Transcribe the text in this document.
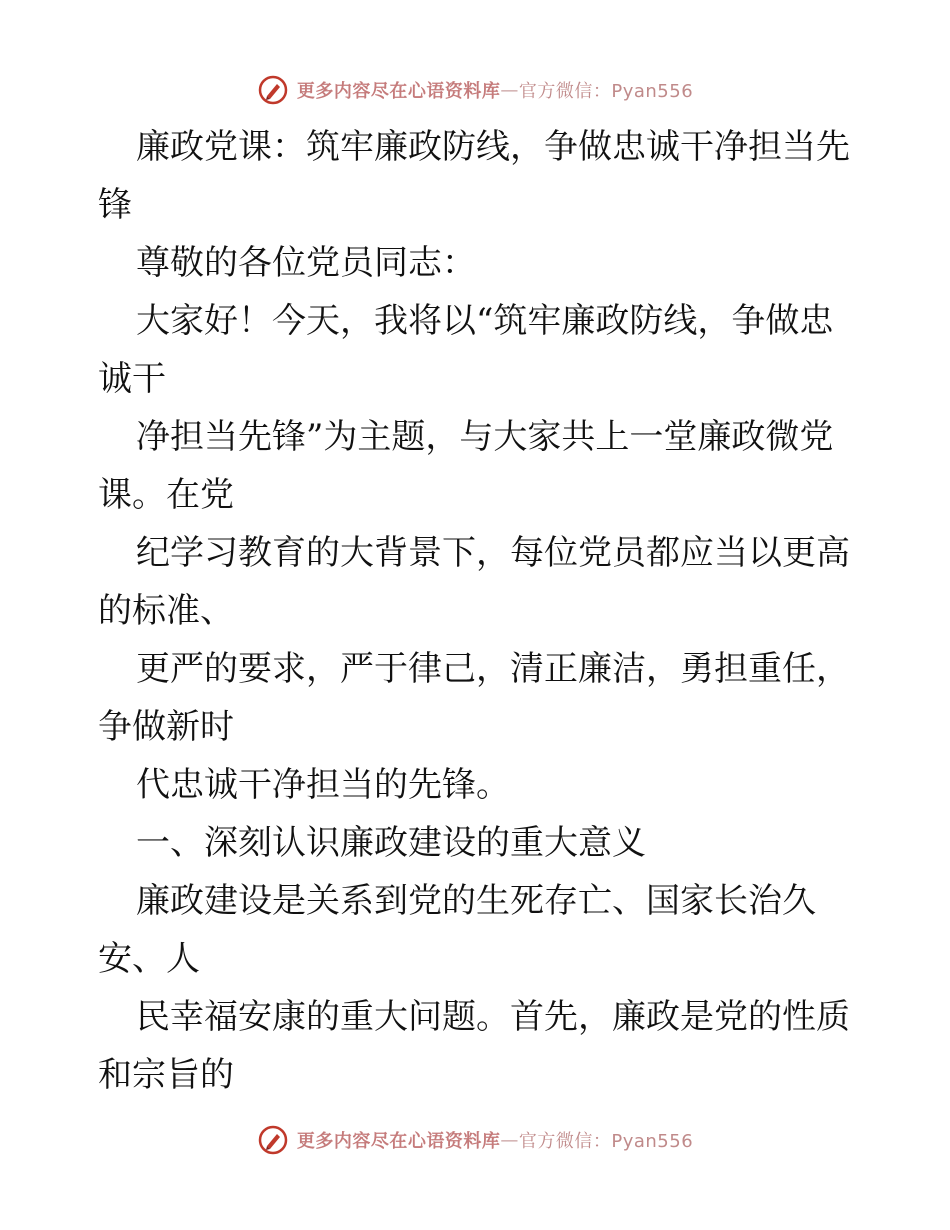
更多内容尽在心语资料库 — 官方微信：Pyan556
廉政党课：筑牢廉政防线，争做忠诚干净担当先
锋
尊敬的各位党员同志：
大家好！今天，我将以“筑牢廉政防线，争做忠
诚干
净担当先锋”为主题，与大家共上一堂廉政微党
课。在党
纪学习教育的大背景下，每位党员都应当以更高
的标准、
更严的要求，严于律己，清正廉洁，勇担重任，
争做新时
代忠诚干净担当的先锋。
一、深刻认识廉政建设的重大意义
廉政建设是关系到党的生死存亡、国家长治久
安、人
民幸福安康的重大问题。首先，廉政是党的性质
和宗旨的
更多内容尽在心语资料库 — 官方微信：Pyan556
